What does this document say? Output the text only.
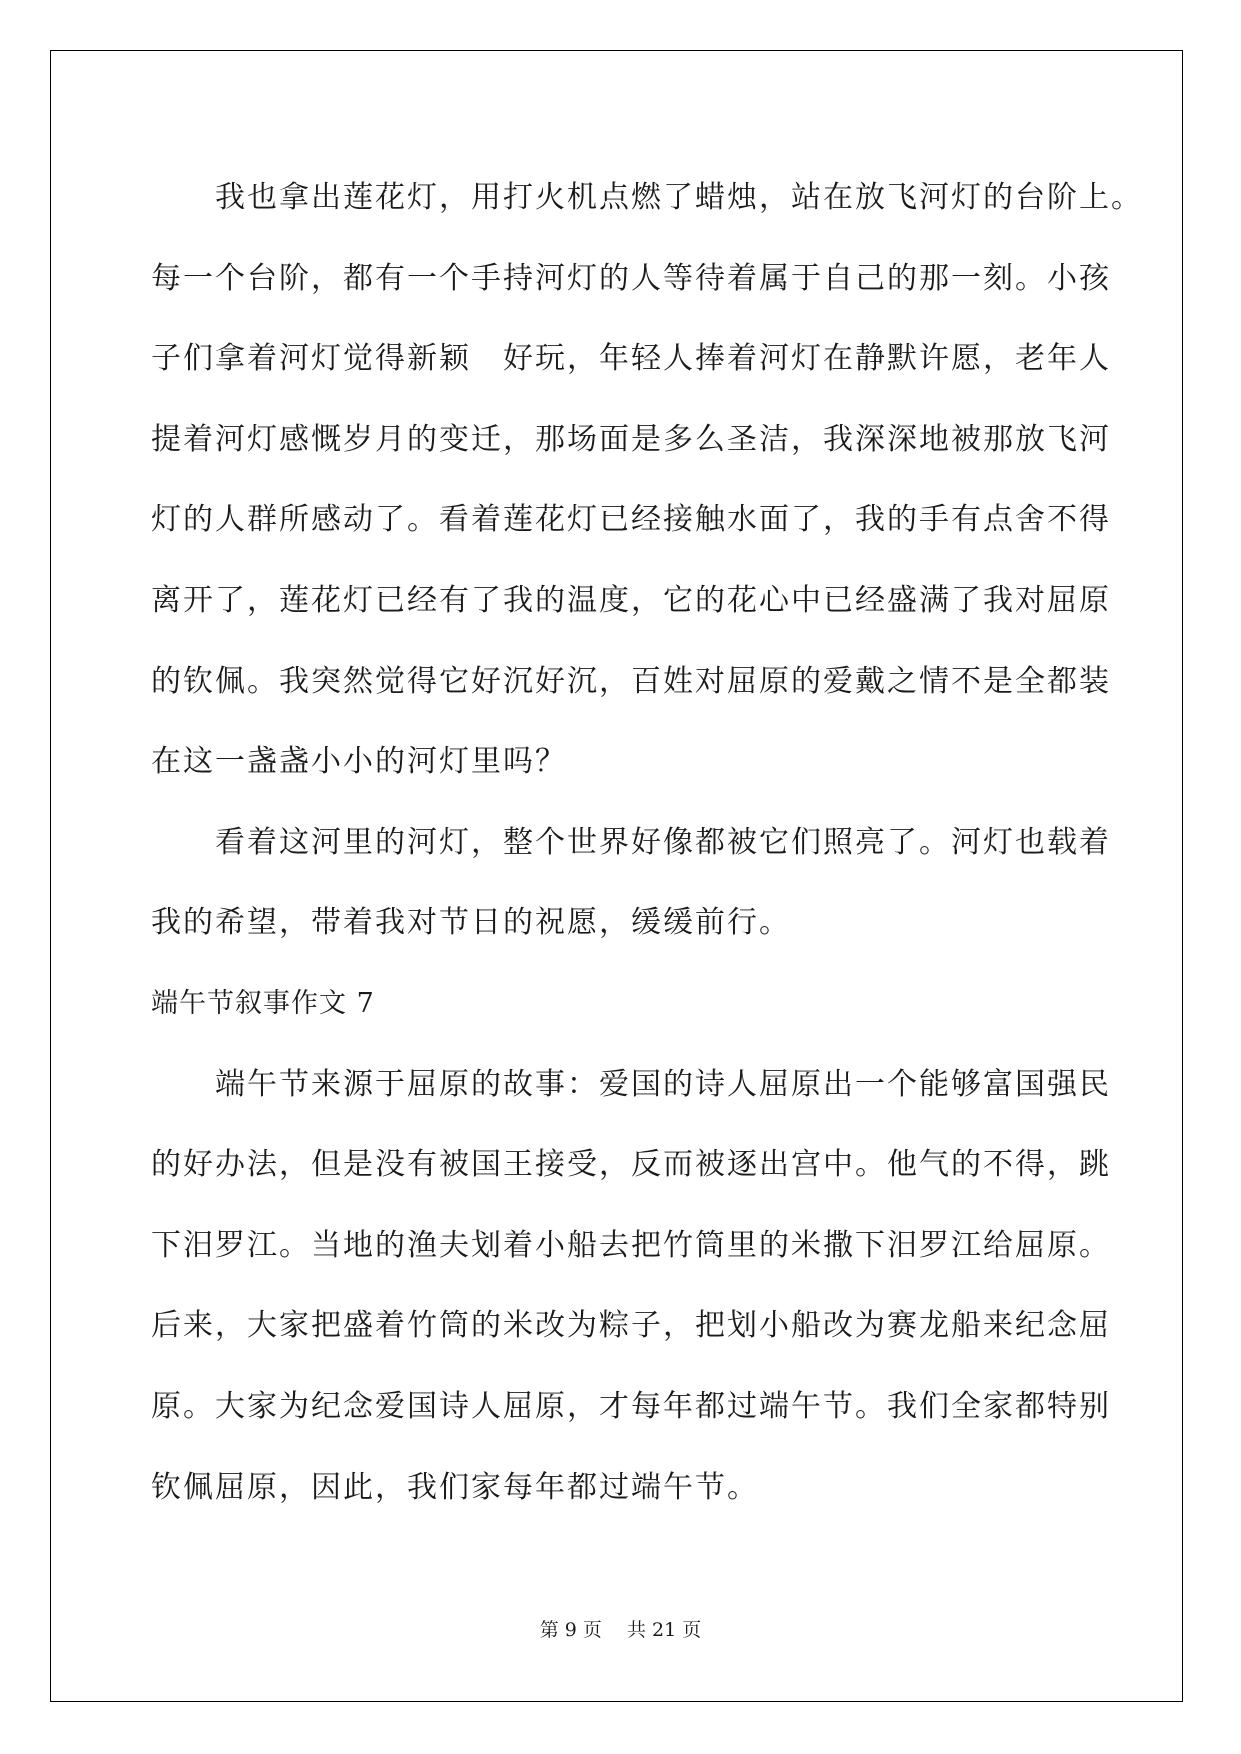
　　我也拿出莲花灯，用打火机点燃了蜡烛，站在放飞河灯的台阶上。

每一个台阶，都有一个手持河灯的人等待着属于自己的那一刻。小孩

子们拿着河灯觉得新颖　好玩，年轻人捧着河灯在静默许愿，老年人

提着河灯感慨岁月的变迁，那场面是多么圣洁，我深深地被那放飞河

灯的人群所感动了。看着莲花灯已经接触水面了，我的手有点舍不得

离开了，莲花灯已经有了我的温度，它的花心中已经盛满了我对屈原

的钦佩。我突然觉得它好沉好沉，百姓对屈原的爱戴之情不是全都装

在这一盏盏小小的河灯里吗？

　　看着这河里的河灯，整个世界好像都被它们照亮了。河灯也载着

我的希望，带着我对节日的祝愿，缓缓前行。

端午节叙事作文 7

　　端午节来源于屈原的故事：爱国的诗人屈原出一个能够富国强民

的好办法，但是没有被国王接受，反而被逐出宫中。他气的不得，跳

下汨罗江。当地的渔夫划着小船去把竹筒里的米撒下汨罗江给屈原。

后来，大家把盛着竹筒的米改为粽子，把划小船改为赛龙船来纪念屈

原。大家为纪念爱国诗人屈原，才每年都过端午节。我们全家都特别

钦佩屈原，因此，我们家每年都过端午节。

第 9 页　 共 21 页
